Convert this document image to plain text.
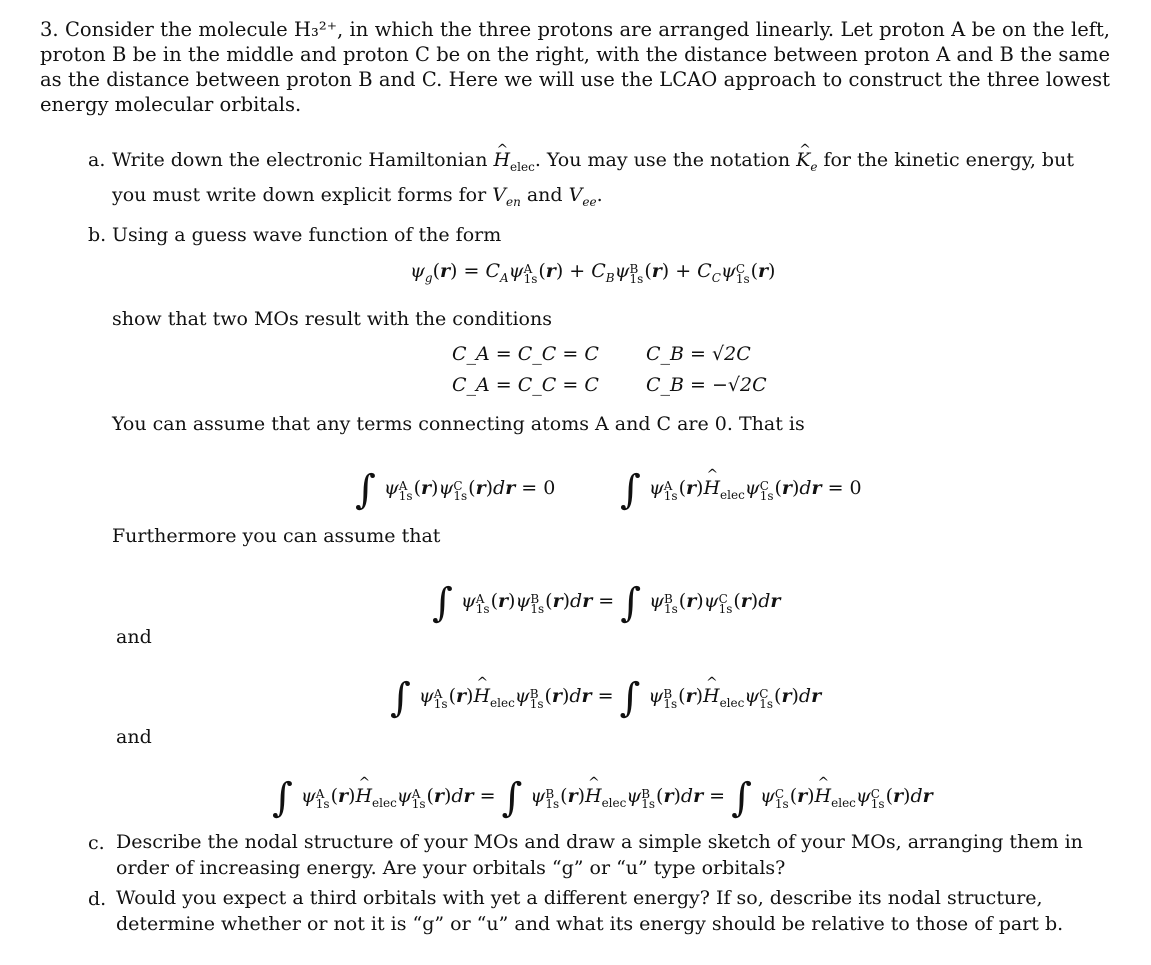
3. Consider the molecule H₃²⁺, in which the three protons are arranged linearly. Let proton A be on the left, proton B be in the middle and proton C be on the right, with the distance between proton A and B the same as the distance between proton B and C. Here we will use the LCAO approach to construct the three lowest energy molecular orbitals.
a. Write down the electronic Hamiltonian ^ $H_{elec}$. You may use the notation ^ $K_e$ for the kinetic energy, but you must write down explicit forms for $V_{en}$ and $V_{ee}$.
b. Using a guess wave function of the form
$\psi_g(r) = C_A\psi$ A
1s $(r) + C_B\psi$ B
1s $(r) + C_C\psi$ C
1s (r)
show that two MOs result with the conditions
C_A = C_C = C C_B = √2C
C_A = C_C = C C_B = −√2C
You can assume that any terms connecting atoms A and C are 0. That is
∫ ψ A
1s (r)ψ C
1s (r)dr = 0 ∫ ψ A
1s (r)^ $H_{elec}\psi$ C
1s (r)dr = 0
Furthermore you can assume that
∫ ψ A
1s (r)ψ B
1s (r)dr = ∫ ψ B
1s (r)ψ C
1s (r)dr
and
∫ ψ A
1s (r)^ $H_{elec}\psi$ B
1s (r)dr = ∫ ψ B
1s (r)^ $H_{elec}\psi$ C
1s (r)dr
and
∫ ψ A
1s (r)^ $H_{elec}\psi$ A
1s (r)dr = ∫ ψ B
1s (r)^ $H_{elec}\psi$ B
1s (r)dr = ∫ ψ C
1s (r)^ $H_{elec}\psi$ C
1s (r)dr
c. Describe the nodal structure of your MOs and draw a simple sketch of your MOs, arranging them in order of increasing energy. Are your orbitals “g” or “u” type orbitals?
d. Would you expect a third orbitals with yet a different energy? If so, describe its nodal structure, determine whether or not it is “g” or “u” and what its energy should be relative to those of part b.
